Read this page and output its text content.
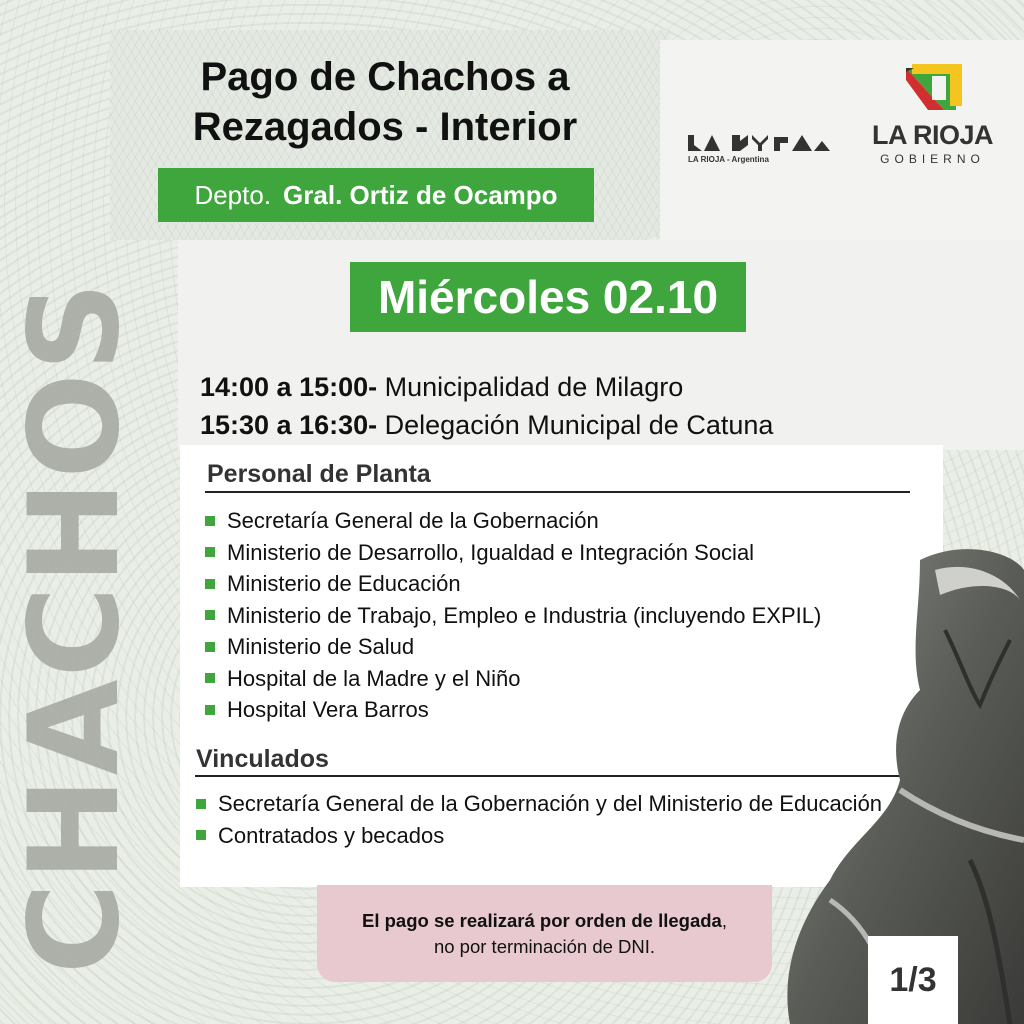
CHACHOS
Pago de Chachos a
Rezagados - Interior
Depto. Gral. Ortiz de Ocampo
LA RIOJA - Argentina
LA RIOJA
GOBIERNO
Miércoles 02.10
14:00 a 15:00- Municipalidad de Milagro
15:30 a 16:30- Delegación Municipal de Catuna
Personal de Planta
Secretaría General de la Gobernación
Ministerio de Desarrollo, Igualdad e Integración Social
Ministerio de Educación
Ministerio de Trabajo, Empleo e Industria (incluyendo EXPIL)
Ministerio de Salud
Hospital de la Madre y el Niño
Hospital Vera Barros
Vinculados
Secretaría General de la Gobernación y del Ministerio de Educación
Contratados y becados
El pago se realizará por orden de llegada,
no por terminación de DNI.
1/3
